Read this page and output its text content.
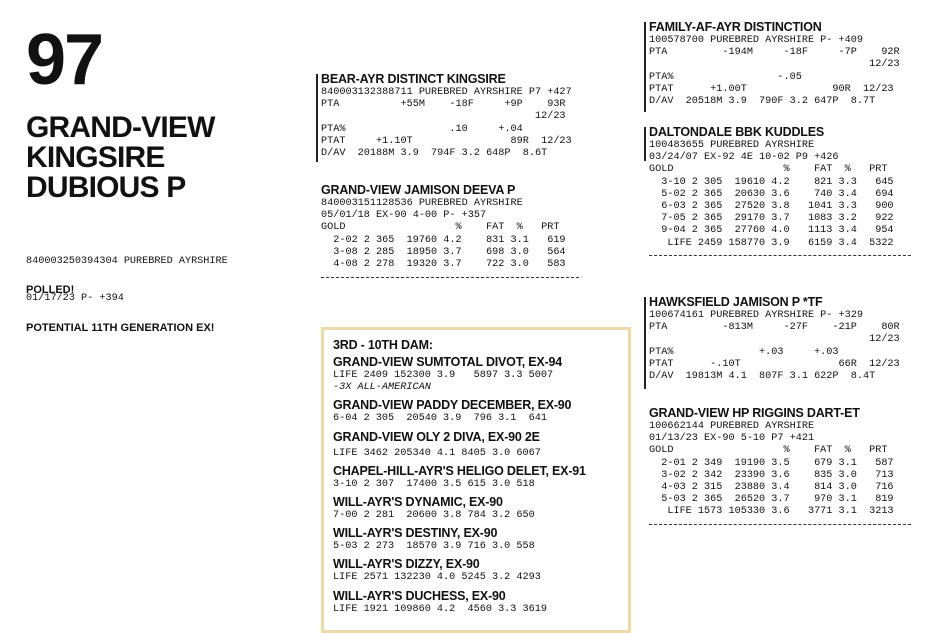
97
GRAND-VIEW
KINGSIRE
DUBIOUS P

840003250394304 PUREBRED AYRSHIRE

01/17/23 P- +394

POLLED!
POTENTIAL 11TH GENERATION EX!
BEAR-AYR DISTINCT KINGSIRE
840003132388711 PUREBRED AYRSHIRE P7 +427
PTA          +55M    -18F     +9P    93R
12/23
PTA%                 .10     +.04
PTAT     +1.10T                89R  12/23
D/AV  20188M 3.9  794F 3.2 648P  8.6T
GRAND-VIEW JAMISON DEEVA P
840003151128536 PUREBRED AYRSHIRE
05/01/18 EX-90 4-00 P- +357
GOLD                  %    FAT  %   PRT
2-02 2 365  19760 4.2    831 3.1   619
3-08 2 285  18950 3.7    698 3.0   564
4-08 2 278  19320 3.7    722 3.0   583
3RD - 10TH DAM:
GRAND-VIEW SUMTOTAL DIVOT, EX-94
LIFE 2409 152300 3.9   5897 3.3 5007
-3X ALL-AMERICAN
GRAND-VIEW PADDY DECEMBER, EX-90
6-04 2 305  20540 3.9  796 3.1  641
GRAND-VIEW OLY 2 DIVA, EX-90 2E
LIFE 3462 205340 4.1 8405 3.0 6067
CHAPEL-HILL-AYR'S HELIGO DELET, EX-91
3-10 2 307  17400 3.5 615 3.0 518
WILL-AYR'S DYNAMIC, EX-90
7-00 2 281  20600 3.8 784 3.2 650
WILL-AYR'S DESTINY, EX-90
5-03 2 273  18570 3.9 716 3.0 558
WILL-AYR'S DIZZY, EX-90
LIFE 2571 132230 4.0 5245 3.2 4293
WILL-AYR'S DUCHESS, EX-90
LIFE 1921 109860 4.2  4560 3.3 3619
FAMILY-AF-AYR DISTINCTION
100578700 PUREBRED AYRSHIRE P- +409
PTA         -194M     -18F     -7P    92R
12/23
PTA%                 -.05
PTAT      +1.00T              90R  12/23
D/AV  20518M 3.9  790F 3.2 647P  8.7T
DALTONDALE BBK KUDDLES
100483655 PUREBRED AYRSHIRE
03/24/07 EX-92 4E 10-02 P9 +426
GOLD                  %    FAT  %   PRT
3-10 2 305  19610 4.2    821 3.3   645
5-02 2 365  20630 3.6    740 3.4   694
6-03 2 365  27520 3.8   1041 3.3   900
7-05 2 365  29170 3.7   1083 3.2   922
9-04 2 365  27760 4.0   1113 3.4   954
LIFE 2459 158770 3.9   6159 3.4  5322
HAWKSFIELD JAMISON P *TF
100674161 PUREBRED AYRSHIRE P- +329
PTA         -813M     -27F    -21P    80R
12/23
PTA%              +.03     +.03
PTAT      -.10T                66R  12/23
D/AV  19813M 4.1  807F 3.1 622P  8.4T
GRAND-VIEW HP RIGGINS DART-ET
100662144 PUREBRED AYRSHIRE
01/13/23 EX-90 5-10 P7 +421
GOLD                  %    FAT  %   PRT
2-01 2 349  19190 3.5    679 3.1   587
3-02 2 342  23390 3.6    835 3.0   713
4-03 2 315  23880 3.4    814 3.0   716
5-03 2 365  26520 3.7    970 3.1   819
LIFE 1573 105330 3.6   3771 3.1  3213
